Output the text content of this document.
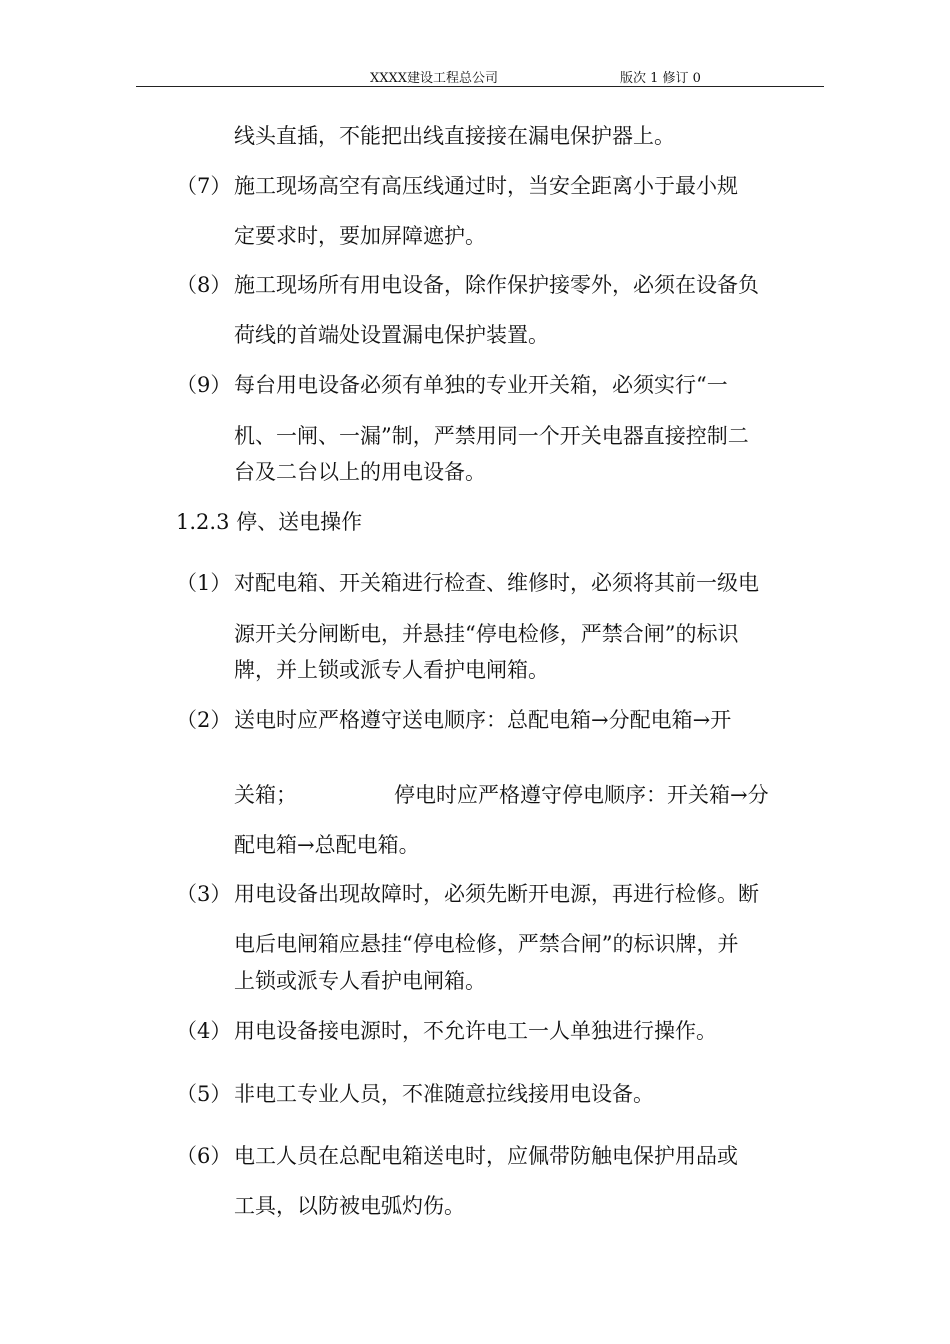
XXXX建设工程总公司	版次 1 修订 0
线头直插，不能把出线直接接在漏电保护器上。
（7） 施工现场高空有高压线通过时，当安全距离小于最小规
定要求时，要加屏障遮护。
（8） 施工现场所有用电设备，除作保护接零外，必须在设备负
荷线的首端处设置漏电保护装置。
（9） 每台用电设备必须有单独的专业开关箱，必须实行“一
机、一闸、一漏”制，严禁用同一个开关电器直接控制二
台及二台以上的用电设备。
1.2.3 停、送电操作
（1） 对配电箱、开关箱进行检查、维修时，必须将其前一级电
源开关分闸断电，并悬挂“停电检修，严禁合闸”的标识
牌，并上锁或派专人看护电闸箱。
（2） 送电时应严格遵守送电顺序：总配电箱→分配电箱→开
关箱；	停电时应严格遵守停电顺序：开关箱→分
配电箱→总配电箱。
（3） 用电设备出现故障时，必须先断开电源，再进行检修。断
电后电闸箱应悬挂“停电检修，严禁合闸”的标识牌，并
上锁或派专人看护电闸箱。
（4） 用电设备接电源时，不允许电工一人单独进行操作。
（5） 非电工专业人员，不准随意拉线接用电设备。
（6） 电工人员在总配电箱送电时，应佩带防触电保护用品或
工具，以防被电弧灼伤。
